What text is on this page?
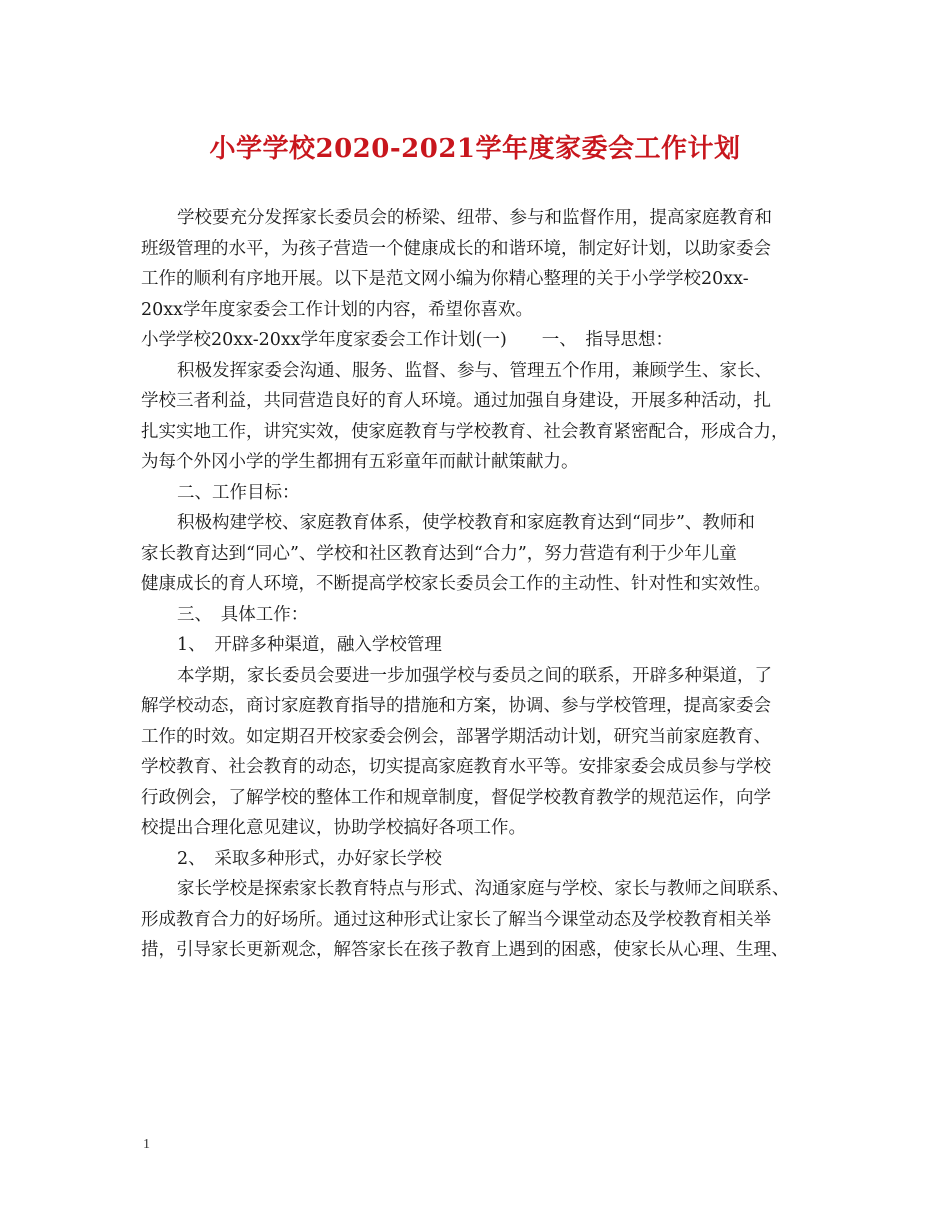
小学学校2020-2021学年度家委会工作计划

学校要充分发挥家长委员会的桥梁、纽带、参与和监督作用，提高家庭教育和

班级管理的水平，为孩子营造一个健康成长的和谐环境，制定好计划，以助家委会

工作的顺利有序地开展。以下是范文网小编为你精心整理的关于小学学校20xx-

20xx学年度家委会工作计划的内容，希望你喜欢。

小学学校20xx-20xx学年度家委会工作计划(一)　　一、　指导思想：

积极发挥家委会沟通、服务、监督、参与、管理五个作用，兼顾学生、家长、

学校三者利益，共同营造良好的育人环境。通过加强自身建设，开展多种活动，扎

扎实实地工作，讲究实效，使家庭教育与学校教育、社会教育紧密配合，形成合力，

为每个外冈小学的学生都拥有五彩童年而献计献策献力。

二、工作目标：

积极构建学校、家庭教育体系，使学校教育和家庭教育达到“同步”、教师和

家长教育达到“同心”、学校和社区教育达到“合力”，努力营造有利于少年儿童

健康成长的育人环境，不断提高学校家长委员会工作的主动性、针对性和实效性。

三、　具体工作：

1、　开辟多种渠道，融入学校管理

本学期，家长委员会要进一步加强学校与委员之间的联系，开辟多种渠道，了

解学校动态，商讨家庭教育指导的措施和方案，协调、参与学校管理，提高家委会

工作的时效。如定期召开校家委会例会，部署学期活动计划，研究当前家庭教育、

学校教育、社会教育的动态，切实提高家庭教育水平等。安排家委会成员参与学校

行政例会，了解学校的整体工作和规章制度，督促学校教育教学的规范运作，向学

校提出合理化意见建议，协助学校搞好各项工作。

2、　采取多种形式，办好家长学校

家长学校是探索家长教育特点与形式、沟通家庭与学校、家长与教师之间联系、

形成教育合力的好场所。通过这种形式让家长了解当今课堂动态及学校教育相关举

措，引导家长更新观念，解答家长在孩子教育上遇到的困惑，使家长从心理、生理、

1
